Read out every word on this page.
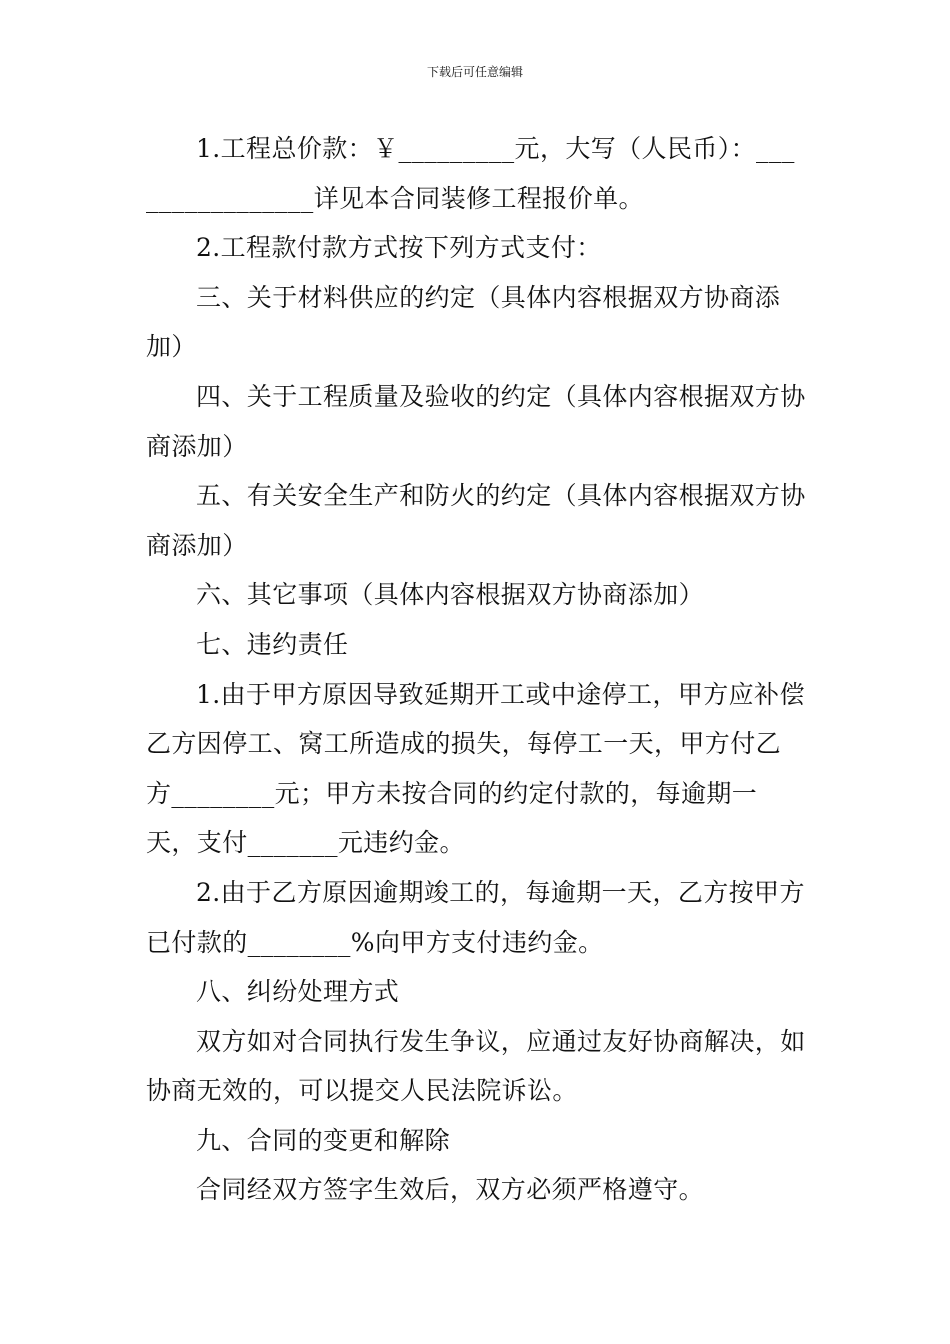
下载后可任意编辑

1.工程总价款：￥_________元，大写（人民币）：________________详见本合同装修工程报价单。

2.工程款付款方式按下列方式支付：

三、关于材料供应的约定（具体内容根据双方协商添加）

四、关于工程质量及验收的约定（具体内容根据双方协商添加）

五、有关安全生产和防火的约定（具体内容根据双方协商添加）

六、其它事项（具体内容根据双方协商添加）

七、违约责任

1.由于甲方原因导致延期开工或中途停工，甲方应补偿乙方因停工、窝工所造成的损失，每停工一天，甲方付乙方________元；甲方未按合同的约定付款的，每逾期一天，支付_______元违约金。

2.由于乙方原因逾期竣工的，每逾期一天，乙方按甲方已付款的________%向甲方支付违约金。

八、纠纷处理方式

双方如对合同执行发生争议，应通过友好协商解决，如协商无效的，可以提交人民法院诉讼。

九、合同的变更和解除

合同经双方签字生效后，双方必须严格遵守。
